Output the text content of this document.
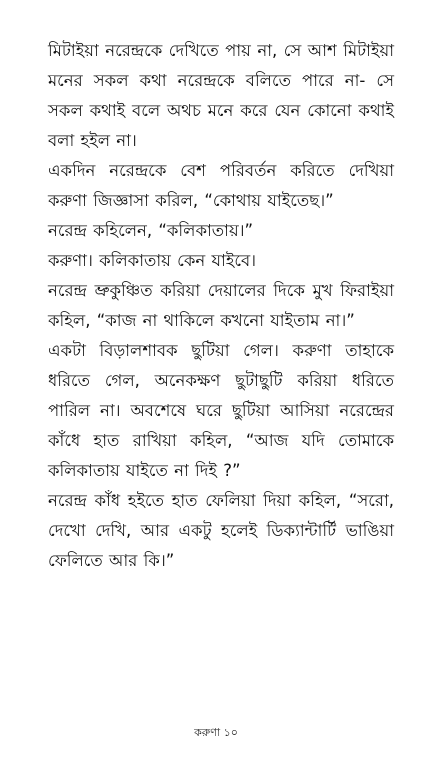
মিটাইয়া নরেন্দ্রকে দেখিতে পায় না, সে আশ মিটাইয়া মনের সকল কথা নরেন্দ্রকে বলিতে পারে না- সে সকল কথাই বলে অথচ মনে করে যেন কোনো কথাই বলা হইল না।

একদিন নরেন্দ্রকে বেশ পরিবর্তন করিতে দেখিয়া করুণা জিজ্ঞাসা করিল, “কোথায় যাইতেছ।”

নরেন্দ্র কহিলেন, “কলিকাতায়।”

করুণা। কলিকাতায় কেন যাইবে।

নরেন্দ্র ভ্রুকুঞ্চিত করিয়া দেয়ালের দিকে মুখ ফিরাইয়া কহিল, “কাজ না থাকিলে কখনো যাইতাম না।”

একটা বিড়ালশাবক ছুটিয়া গেল। করুণা তাহাকে ধরিতে গেল, অনেকক্ষণ ছুটাছুটি করিয়া ধরিতে পারিল না। অবশেষে ঘরে ছুটিয়া আসিয়া নরেন্দ্রের কাঁধে হাত রাখিয়া কহিল, “আজ যদি তোমাকে কলিকাতায় যাইতে না দিই ?”

নরেন্দ্র কাঁধ হইতে হাত ফেলিয়া দিয়া কহিল, “সরো, দেখো দেখি, আর একটু হলেই ডিক্যান্টার্টি ভাঙিয়া ফেলিতে আর কি।”

করুণা ১০
